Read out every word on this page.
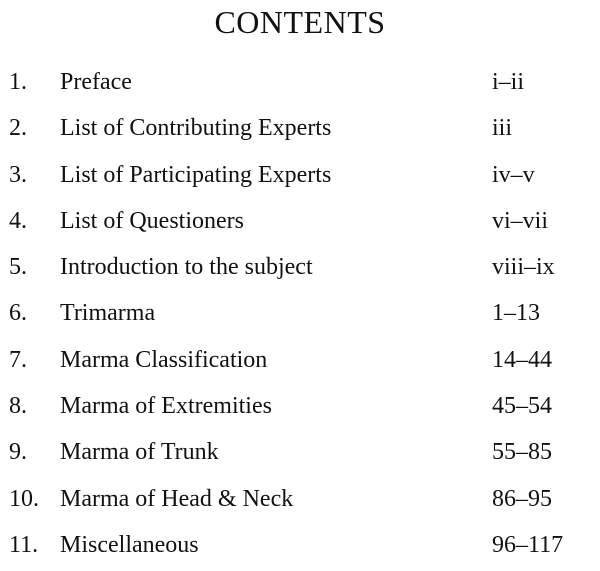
CONTENTS
1. Preface	i–ii
2. List of Contributing Experts	iii
3. List of Participating Experts	iv–v
4. List of Questioners	vi–vii
5. Introduction to the subject	viii–ix
6. Trimarma	1–13
7. Marma Classification	14–44
8. Marma of Extremities	45–54
9. Marma of Trunk	55–85
10. Marma of Head & Neck	86–95
11. Miscellaneous	96–117
